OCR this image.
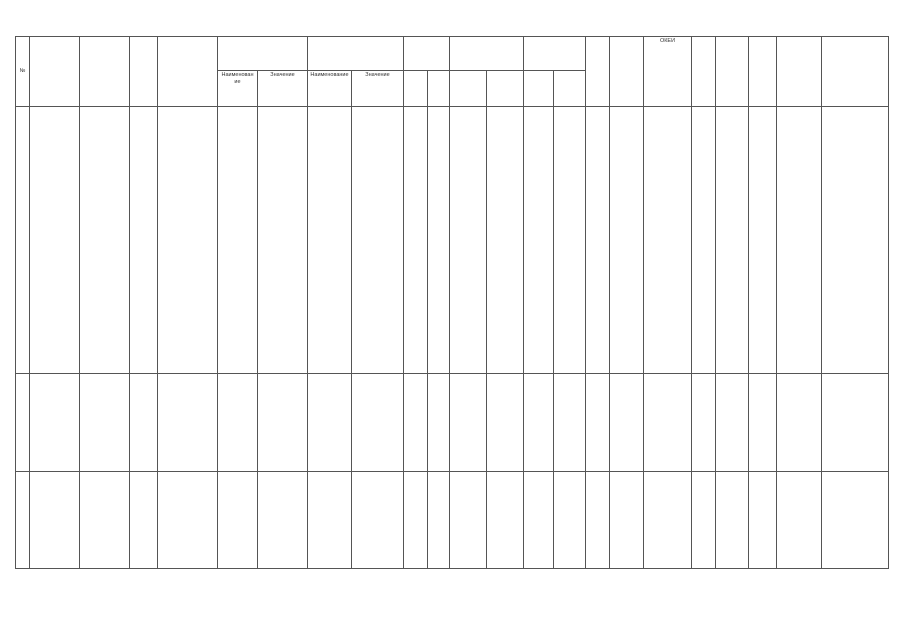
№																	ОКЕИ					
					Наименование	Значение	Наименование	Значение														
